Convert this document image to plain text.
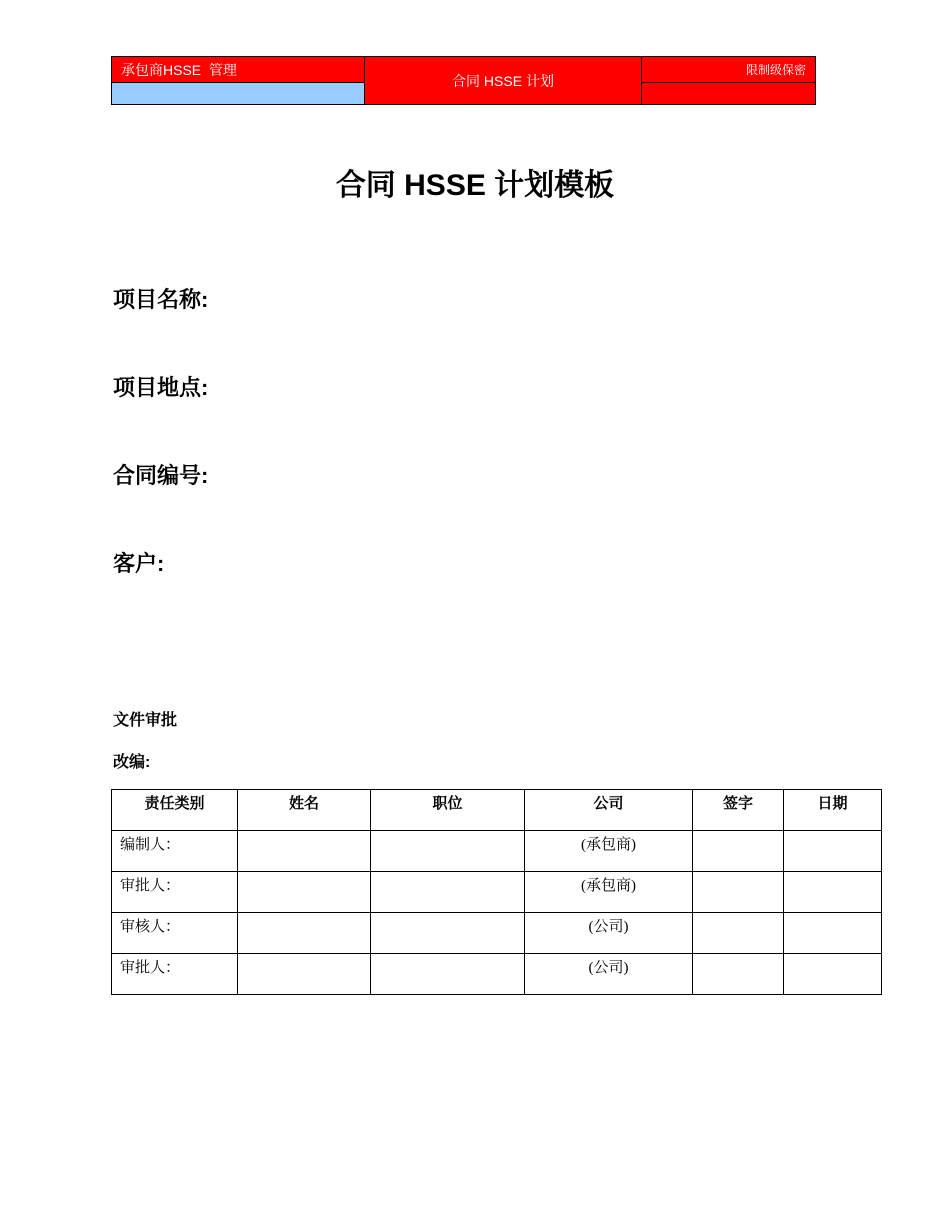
承包商HSSE  管理
合同 HSSE 计划
限制级保密
合同 HSSE 计划模板
项目名称:
项目地点:
合同编号:
客户:
文件审批
改编:
责任类别	姓名	职位	公司	签字	日期
编制人：			(承包商)		
审批人：			(承包商)		
审核人：			(公司)		
审批人：			(公司)		
